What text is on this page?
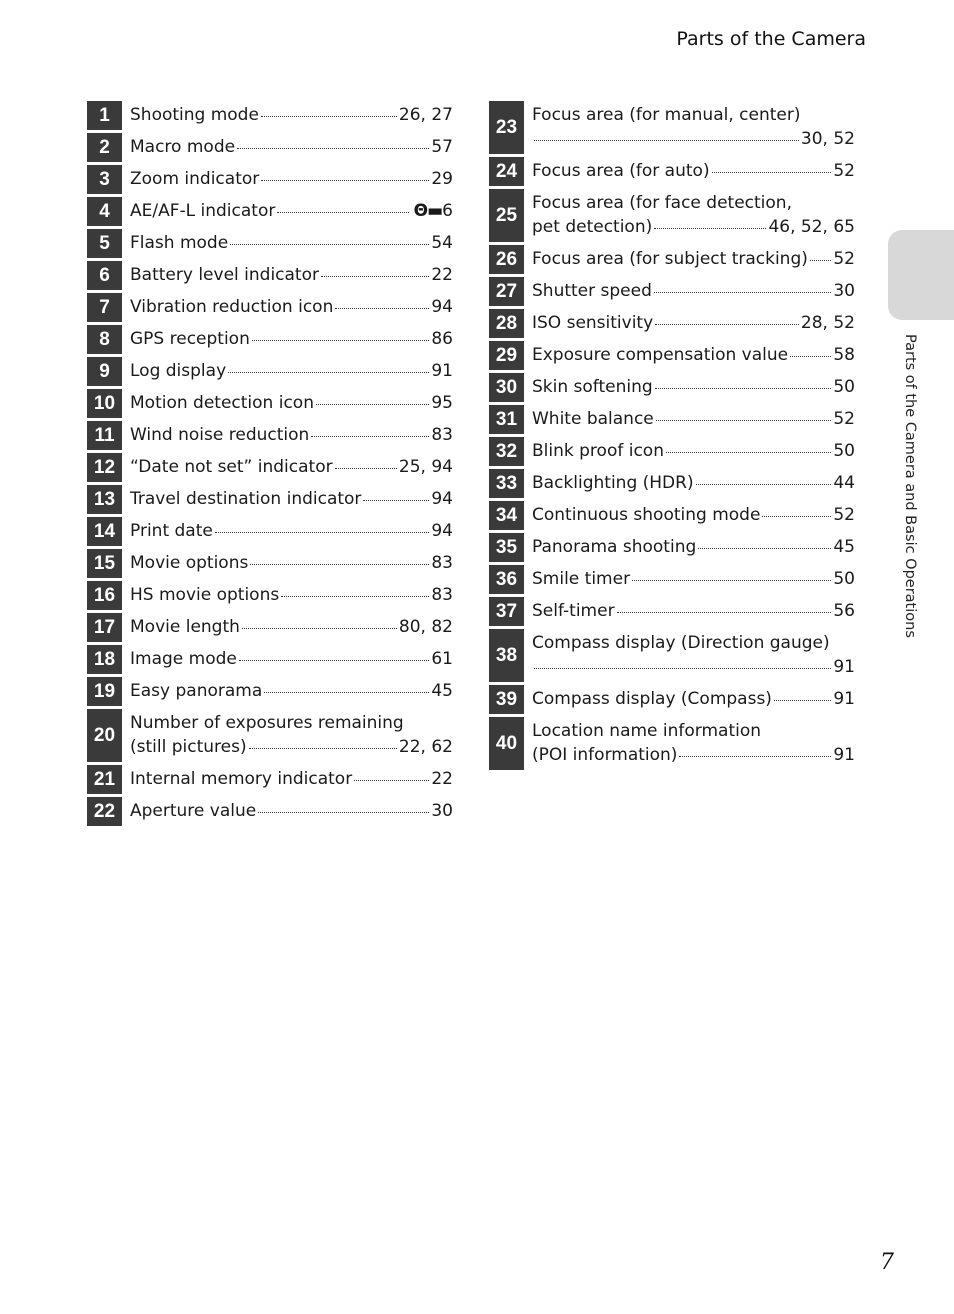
Parts of the Camera
1	Shooting mode	26, 27
2	Macro mode	57
3	Zoom indicator	29
4	AE/AF-L indicator	 Θ▬ 6
5	Flash mode	54
6	Battery level indicator	22
7	Vibration reduction icon	94
8	GPS reception	86
9	Log display	91
10 Motion detection icon	95
11 Wind noise reduction	83
12 “Date not set” indicator	25, 94
13 Travel destination indicator	94
14 Print date	94
15 Movie options	83
16 HS movie options	83
17 Movie length	80, 82
18 Image mode	61
19 Easy panorama	45
20
Number of exposures remaining
(still pictures)	22, 62
21 Internal memory indicator	22
22 Aperture value	30
23
Focus area (for manual, center)
30, 52
24 Focus area (for auto)	52
25
Focus area (for face detection,
pet detection)	46, 52, 65
26 Focus area (for subject tracking) 52
27 Shutter speed	30
28 ISO sensitivity	28, 52
29 Exposure compensation value	58
30 Skin softening	50
31 White balance	52
32 Blink proof icon	50
33 Backlighting (HDR)	44
34 Continuous shooting mode	52
35 Panorama shooting	45
36 Smile timer	50
37 Self-timer	56
38
Compass display (Direction gauge)
91
39 Compass display (Compass)	91
40
Location name information
(POI information)	91
Parts of the Camera and Basic Operations
7
